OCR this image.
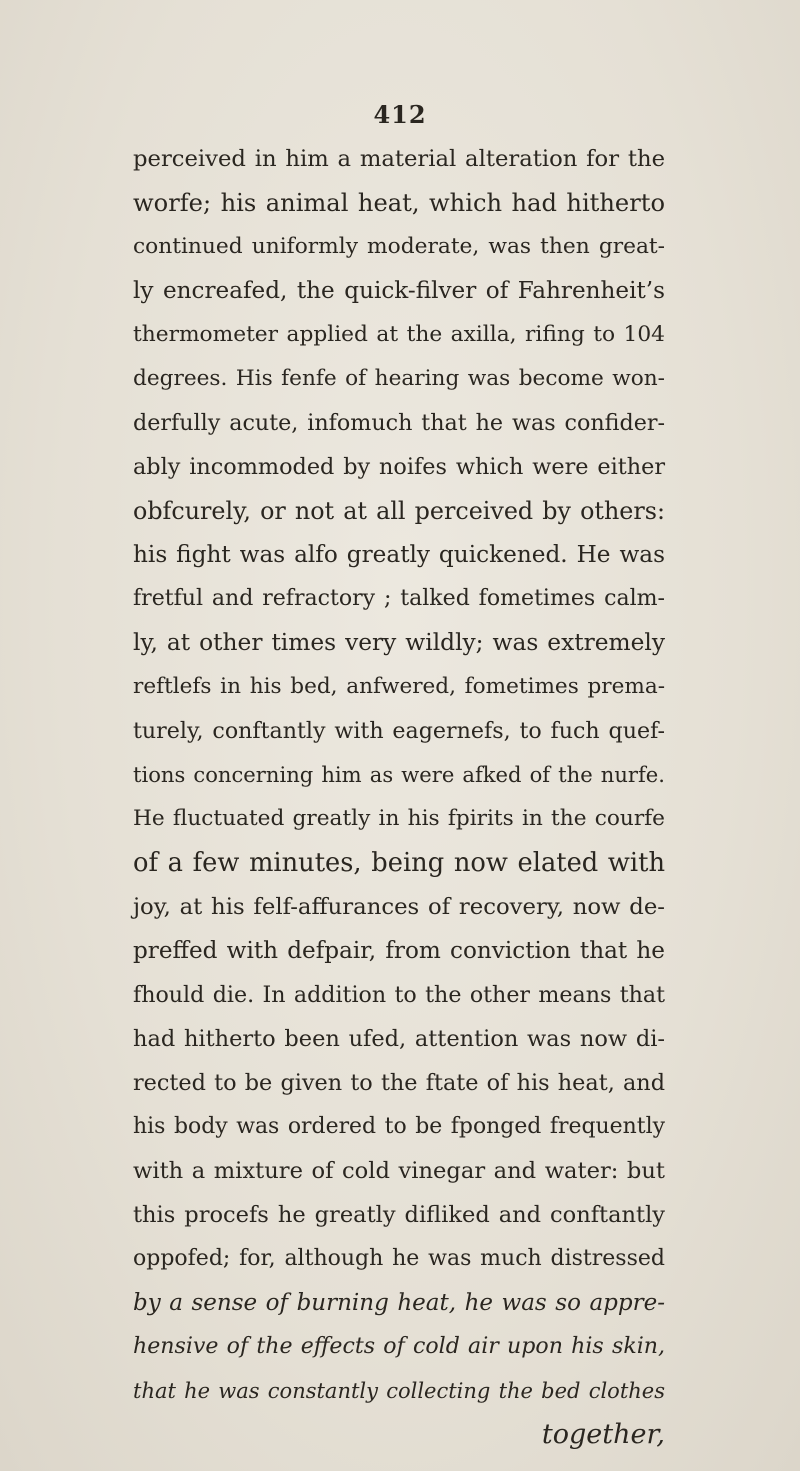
412
perceived in him a material alteration for the
worfe; his animal heat, which had hitherto
continued uniformly moderate, was then great-
ly encreafed, the quick-filver of Fahrenheit’s
thermometer applied at the axilla, rifing to 104
degrees. His fenfe of hearing was become won-
derfully acute, infomuch that he was confider-
ably incommoded by noifes which were either
obfcurely, or not at all perceived by others:
his fight was alfo greatly quickened. He was
fretful and refractory ; talked fometimes calm-
ly, at other times very wildly; was extremely
reftlefs in his bed, anfwered, fometimes prema-
turely, conftantly with eagernefs, to fuch quef-
tions concerning him as were afked of the nurfe.
He fluctuated greatly in his fpirits in the courfe
of a few minutes, being now elated with
joy, at his felf-affurances of recovery, now de-
preffed with defpair, from conviction that he
fhould die. In addition to the other means that
had hitherto been ufed, attention was now di-
rected to be given to the ftate of his heat, and
his body was ordered to be fponged frequently
with a mixture of cold vinegar and water: but
this procefs he greatly difliked and conftantly
oppofed; for, although he was much distressed
by a sense of burning heat, he was so appre-
hensive of the effects of cold air upon his skin,
that he was constantly collecting the bed clothes
together,
